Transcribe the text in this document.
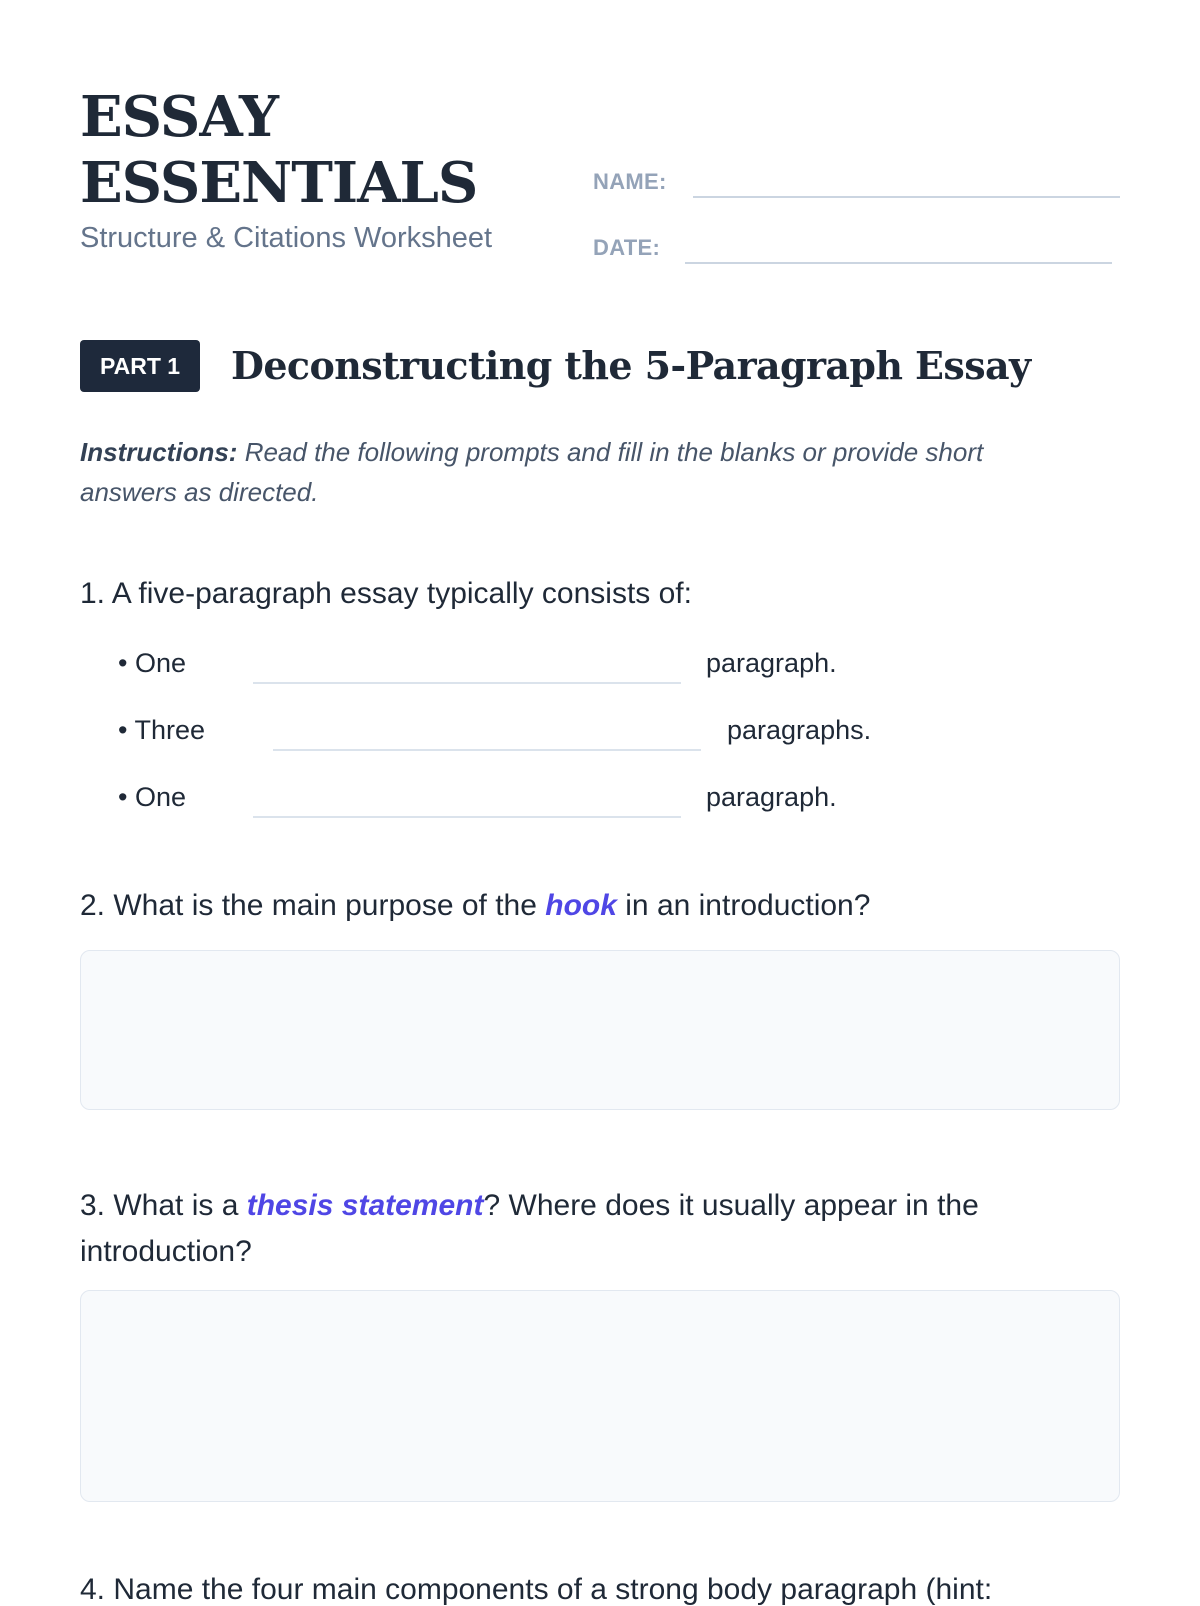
ESSAY
ESSENTIALS
Structure & Citations Worksheet
NAME:
DATE:
PART 1	Deconstructing the 5-Paragraph Essay

Instructions: Read the following prompts and fill in the blanks or provide short answers as directed.

1. A five-paragraph essay typically consists of:
• One	paragraph.
• Three	paragraphs.
• One	paragraph.
2. What is the main purpose of the hook in an introduction?
3. What is a thesis statement? Where does it usually appear in the introduction?
4. Name the four main components of a strong body paragraph (hint:
